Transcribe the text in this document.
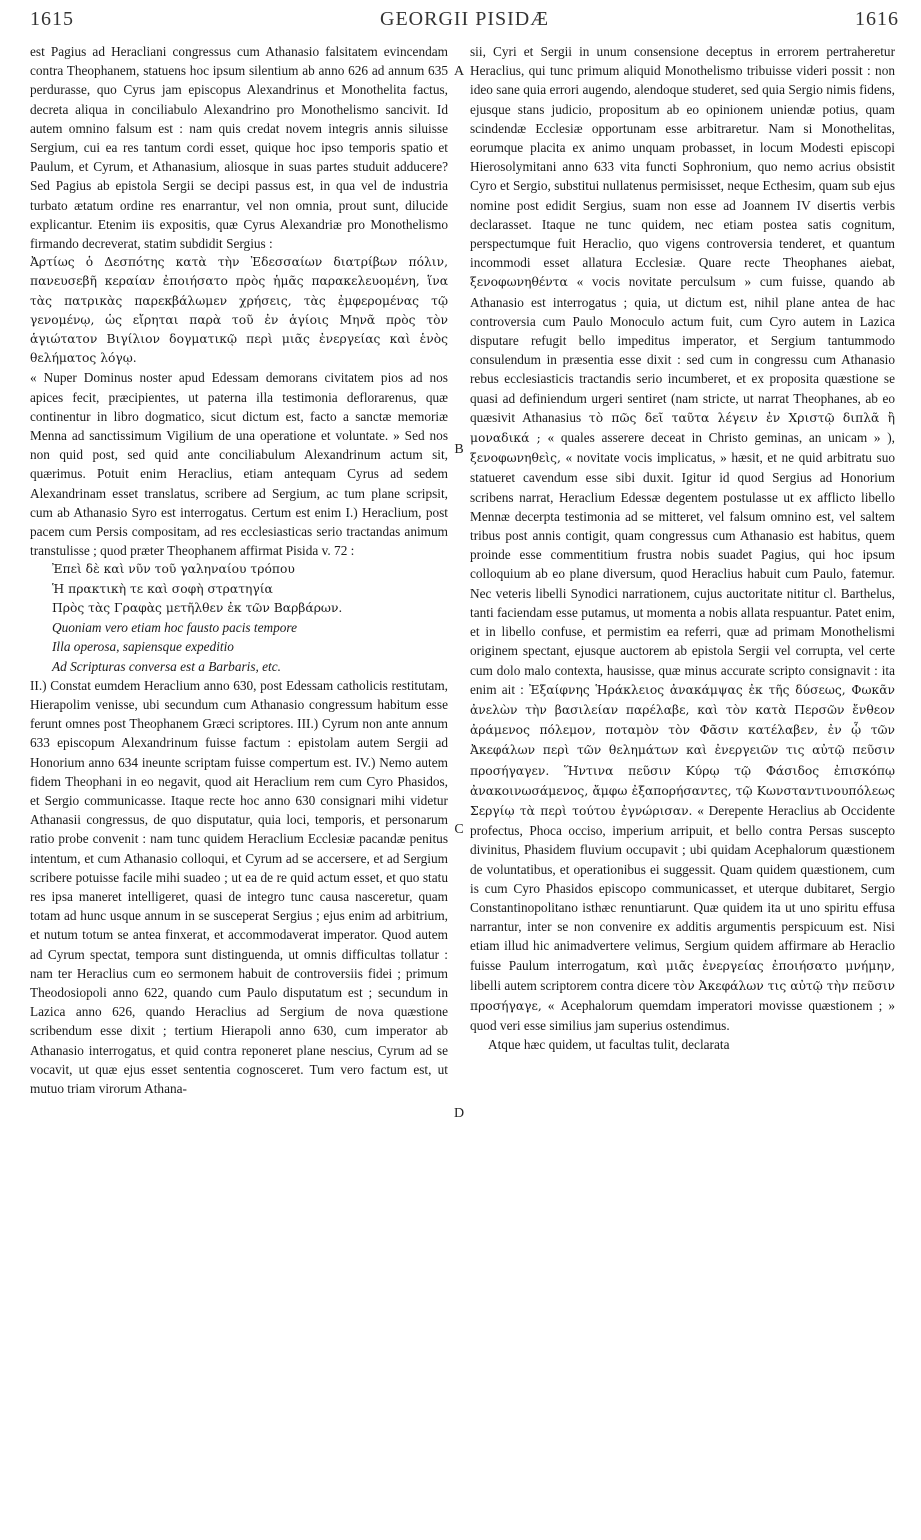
1615	GEORGII PISIDÆ	1616
A
B
C
D

est Pagius ad Heracliani congressus cum Athanasio falsitatem evincendam contra Theophanem, statuens hoc ipsum silentium ab anno 626 ad annum 635 perdurasse, quo Cyrus jam episcopus Alexandrinus et Monothelita factus, decreta aliqua in conciliabulo Alexandrino pro Monothelismo sancivit. Id autem omnino falsum est : nam quis credat novem integris annis siluisse Sergium, cui ea res tantum cordi esset, quique hoc ipso temporis spatio et Paulum, et Cyrum, et Athanasium, aliosque in suas partes studuit adducere? Sed Pagius ab epistola Sergii se decipi passus est, in qua vel de industria turbato ætatum ordine res enarrantur, vel non omnia, prout sunt, dilucide explicantur. Etenim iis expositis, quæ Cyrus Alexandriæ pro Monothelismo firmando decreverat, statim subdidit Sergius :

Ἀρτίως ὁ Δεσπότης κατὰ τὴν Ἐδεσσαίων διατρίβων πόλιν, πανευσεβῆ κεραίαν ἐποιήσατο πρὸς ἡμᾶς παρακελευομένη, ἵνα τὰς πατρικὰς παρεκβάλωμεν χρήσεις, τὰς ἐμφερομένας τῷ γενομένῳ, ὡς εἴρηται παρὰ τοῦ ἐν ἁγίοις Μηνᾶ πρὸς τὸν ἁγιώτατον Βιγίλιον δογματικῷ περὶ μιᾶς ἐνεργείας καὶ ἑνὸς θελήματος λόγῳ.

« Nuper Dominus noster apud Edessam demorans civitatem pios ad nos apices fecit, præcipientes, ut paterna illa testimonia deflorarenus, quæ continentur in libro dogmatico, sicut dictum est, facto a sanctæ memoriæ Menna ad sanctissimum Vigilium de una operatione et voluntate. » Sed nos non quid post, sed quid ante conciliabulum Alexandrinum actum sit, quærimus. Potuit enim Heraclius, etiam antequam Cyrus ad sedem Alexandrinam esset translatus, scribere ad Sergium, ac tum plane scripsit, cum ab Athanasio Syro est interrogatus. Certum est enim I.) Heraclium, post pacem cum Persis compositam, ad res ecclesiasticas serio tractandas animum transtulisse ; quod præter Theophanem affirmat Pisida v. 72 :

Ἐπεὶ δὲ καὶ νῦν τοῦ γαληναίου τρόπου

Ἡ πρακτικὴ τε καὶ σοφὴ στρατηγία

Πρὸς τὰς Γραφὰς μετῆλθεν ἐκ τῶν Βαρβάρων.

Quoniam vero etiam hoc fausto pacis tempore

Illa operosa, sapiensque expeditio

Ad Scripturas conversa est a Barbaris, etc.

II.) Constat eumdem Heraclium anno 630, post Edessam catholicis restitutam, Hierapolim venisse, ubi secundum cum Athanasio congressum habitum esse ferunt omnes post Theophanem Græci scriptores. III.) Cyrum non ante annum 633 episcopum Alexandrinum fuisse factum : epistolam autem Sergii ad Honorium anno 634 ineunte scriptam fuisse compertum est. IV.) Nemo autem fidem Theophani in eo negavit, quod ait Heraclium rem cum Cyro Phasidos, et Sergio communicasse. Itaque recte hoc anno 630 consignari mihi videtur Athanasii congressus, de quo disputatur, quia loci, temporis, et personarum ratio probe convenit : nam tunc quidem Heraclium Ecclesiæ pacandæ penitus intentum, et cum Athanasio colloqui, et Cyrum ad se accersere, et ad Sergium scribere potuisse facile mihi suadeo ; ut ea de re quid actum esset, et quo statu res ipsa maneret intelligeret, quasi de integro tunc causa nasceretur, quam totam ad hunc usque annum in se susceperat Sergius ; ejus enim ad arbitrium, et nutum totum se antea finxerat, et accommodaverat imperator. Quod autem ad Cyrum spectat, tempora sunt distinguenda, ut omnis difficultas tollatur : nam ter Heraclius cum eo sermonem habuit de controversiis fidei ; primum Theodosiopoli anno 622, quando cum Paulo disputatum est ; secundum in Lazica anno 626, quando Heraclius ad Sergium de nova quæstione scribendum esse dixit ; tertium Hierapoli anno 630, cum imperator ab Athanasio interrogatus, et quid contra reponeret plane nescius, Cyrum ad se vocavit, ut quæ ejus esset sententia cognosceret. Tum vero factum est, ut mutuo triam virorum Athana-

sii, Cyri et Sergii in unum consensione deceptus in errorem pertraheretur Heraclius, qui tunc primum aliquid Monothelismo tribuisse videri possit : non ideo sane quia errori augendo, alendoque studeret, sed quia Sergio nimis fidens, ejusque stans judicio, propositum ab eo opinionem uniendæ potius, quam scindendæ Ecclesiæ opportunam esse arbitraretur. Nam si Monothelitas, eorumque placita ex animo unquam probasset, in locum Modesti episcopi Hierosolymitani anno 633 vita functi Sophronium, quo nemo acrius obsistit Cyro et Sergio, substitui nullatenus permisisset, neque Ecthesim, quam sub ejus nomine post edidit Sergius, suam non esse ad Joannem IV disertis verbis declarasset. Itaque ne tunc quidem, nec etiam postea satis cognitum, perspectumque fuit Heraclio, quo vigens controversia tenderet, et quantum incommodi esset allatura Ecclesiæ. Quare recte Theophanes aiebat, ξενοφωνηθέντα « vocis novitate perculsum » cum fuisse, quando ab Athanasio est interrogatus ; quia, ut dictum est, nihil plane antea de hac controversia cum Paulo Monoculo actum fuit, cum Cyro autem in Lazica disputare refugit bello impeditus imperator, et Sergium tantummodo consulendum in præsentia esse dixit : sed cum in congressu cum Athanasio rebus ecclesiasticis tractandis serio incumberet, et ex proposita quæstione se quasi ad definiendum urgeri sentiret (nam stricte, ut narrat Theophanes, ab eo quæsivit Athanasius τὸ πῶς δεῖ ταῦτα λέγειν ἐν Χριστῷ διπλᾶ ἢ μοναδικά ; « quales asserere deceat in Christo geminas, an unicam » ), ξενοφωνηθεὶς, « novitate vocis implicatus, » hæsit, et ne quid arbitratu suo statueret cavendum esse sibi duxit. Igitur id quod Sergius ad Honorium scribens narrat, Heraclium Edessæ degentem postulasse ut ex afflicto libello Mennæ decerpta testimonia ad se mitteret, vel falsum omnino est, vel saltem tribus post annis contigit, quam congressus cum Athanasio est habitus, quem proinde esse commentitium frustra nobis suadet Pagius, qui hoc ipsum colloquium ab eo plane diversum, quod Heraclius habuit cum Paulo, fatemur. Nec veteris libelli Synodici narrationem, cujus auctoritate nititur cl. Barthelus, tanti faciendam esse putamus, ut momenta a nobis allata respuantur. Patet enim, et in libello confuse, et permistim ea referri, quæ ad primam Monothelismi originem spectant, ejusque auctorem ab epistola Sergii vel corrupta, vel certe cum dolo malo contexta, hausisse, quæ minus accurate scripto consignavit : ita enim ait : Ἐξαίφνης Ἡράκλειος ἀνακάμψας ἐκ τῆς δύσεως, Φωκᾶν ἀνελὼν τὴν βασιλείαν παρέλαβε, καὶ τὸν κατὰ Περσῶν ἔνθεον ἀράμενος πόλεμον, ποταμὸν τὸν Φᾶσιν κατέλαβεν, ἐν ᾧ τῶν Ἀκεφάλων περὶ τῶν θελημάτων καὶ ἐνεργειῶν τις αὐτῷ πεῦσιν προσήγαγεν. Ἥντινα πεῦσιν Κύρῳ τῷ Φάσιδος ἐπισκόπῳ ἀνακοινωσάμενος, ἄμφω ἐξαπορήσαντες, τῷ Κωνσταντινουπόλεως Σεργίῳ τὰ περὶ τούτου ἐγνώρισαν. « Derepente Heraclius ab Occidente profectus, Phoca occiso, imperium arripuit, et bello contra Persas suscepto divinitus, Phasidem fluvium occupavit ; ubi quidam Acephalorum quæstionem de voluntatibus, et operationibus ei suggessit. Quam quidem quæstionem, cum is cum Cyro Phasidos episcopo communicasset, et uterque dubitaret, Sergio Constantinopolitano isthæc renuntiarunt. Quæ quidem ita ut uno spiritu effusa narrantur, inter se non convenire ex additis argumentis perspicuum est. Nisi etiam illud hic animadvertere velimus, Sergium quidem affirmare ab Heraclio fuisse Paulum interrogatum, καὶ μιᾶς ἐνεργείας ἐποιήσατο μνήμην, libelli autem scriptorem contra dicere τὸν Ἀκεφάλων τις αὐτῷ τὴν πεῦσιν προσήγαγε, « Acephalorum quemdam imperatori movisse quæstionem ; » quod veri esse similius jam superius ostendimus.

Atque hæc quidem, ut facultas tulit, declarata
